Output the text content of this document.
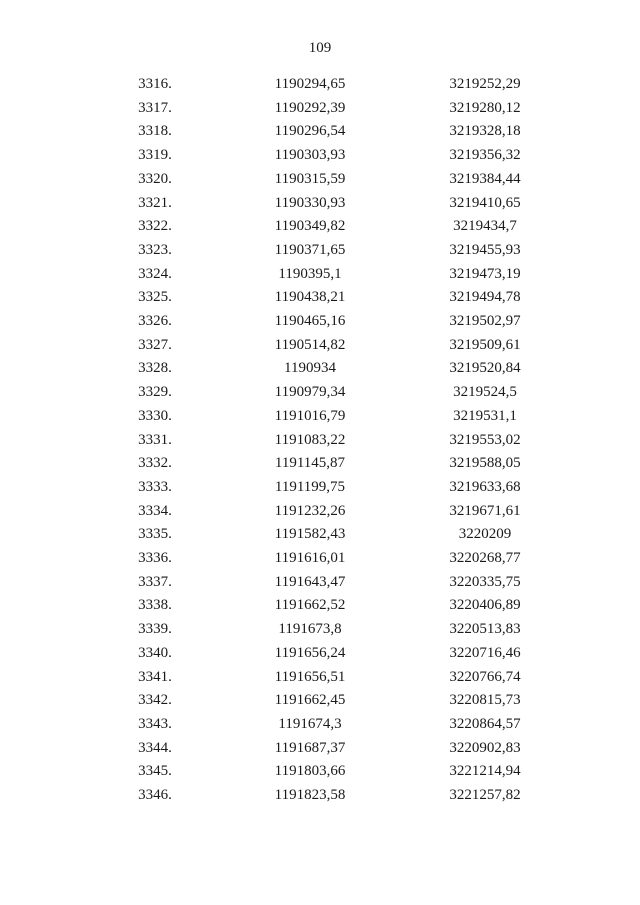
109
3316.	1190294,65	3219252,29
3317.	1190292,39	3219280,12
3318.	1190296,54	3219328,18
3319.	1190303,93	3219356,32
3320.	1190315,59	3219384,44
3321.	1190330,93	3219410,65
3322.	1190349,82	3219434,7
3323.	1190371,65	3219455,93
3324.	1190395,1	3219473,19
3325.	1190438,21	3219494,78
3326.	1190465,16	3219502,97
3327.	1190514,82	3219509,61
3328.	1190934	3219520,84
3329.	1190979,34	3219524,5
3330.	1191016,79	3219531,1
3331.	1191083,22	3219553,02
3332.	1191145,87	3219588,05
3333.	1191199,75	3219633,68
3334.	1191232,26	3219671,61
3335.	1191582,43	3220209
3336.	1191616,01	3220268,77
3337.	1191643,47	3220335,75
3338.	1191662,52	3220406,89
3339.	1191673,8	3220513,83
3340.	1191656,24	3220716,46
3341.	1191656,51	3220766,74
3342.	1191662,45	3220815,73
3343.	1191674,3	3220864,57
3344.	1191687,37	3220902,83
3345.	1191803,66	3221214,94
3346.	1191823,58	3221257,82
